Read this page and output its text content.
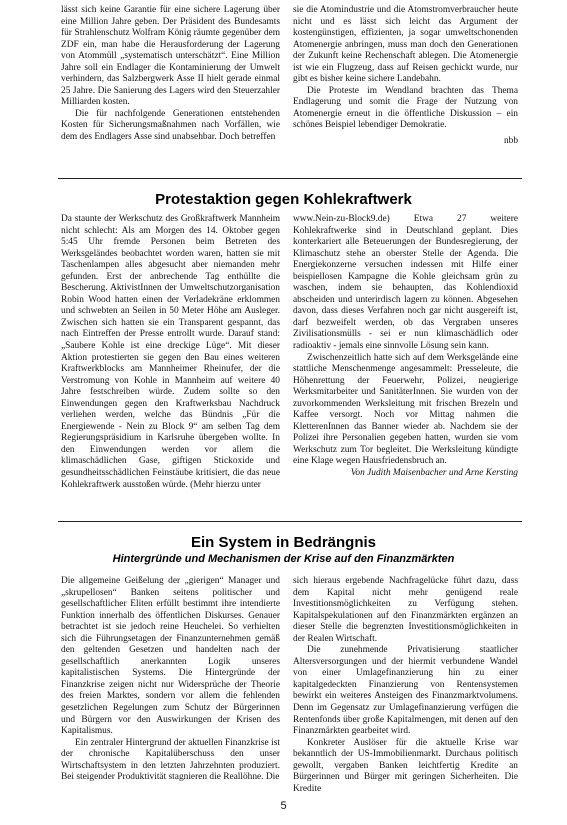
lässt sich keine Garantie für eine sichere Lagerung über eine Million Jahre geben. Der Präsident des Bundesamts für Strahlenschutz Wolfram König räumte gegenüber dem ZDF ein, man habe die Herausforderung der Lagerung von Atommüll „systematisch unterschätzt“. Eine Million Jahre soll ein Endlager die Kontaminierung der Umwelt verhindern, das Salzbergwerk Asse II hielt gerade einmal 25 Jahre. Die Sanierung des Lagers wird den Steuerzahler Milliarden kosten.

Die für nachfolgende Generationen entstehenden Kosten für Sicherungsmaßnahmen nach Vorfällen, wie dem des Endlagers Asse sind unabsehbar. Doch betreffen

sie die Atomindustrie und die Atomstromverbraucher heute nicht und es lässt sich leicht das Argument der kostengünstigen, effizienten, ja sogar umweltschonenden Atomenergie anbringen, muss man doch den Generationen der Zukunft keine Rechenschaft ablegen. Die Atomenergie ist wie ein Flugzeug, dass auf Reisen gechickt wurde, nur gibt es bisher keine sichere Landebahn.

Die Proteste im Wendland brachten das Thema Endlagerung und somit die Frage der Nutzung von Atomenergie erneut in die öffentliche Diskussion – ein schönes Beispiel lebendiger Demokratie.

nbb

Protestaktion gegen Kohlekraftwerk

Da staunte der Werkschutz des Großkraftwerk Mannheim nicht schlecht: Als am Morgen des 14. Oktober gegen 5:45 Uhr fremde Personen beim Betreten des Werksgeländes beobachtet worden waren, hatten sie mit Taschenlampen alles abgesucht aber niemanden mehr gefunden. Erst der anbrechende Tag enthüllte die Bescherung. AktivistInnen der Umweltschutzorganisation Robin Wood hatten einen der Verladekräne erklommen und schwebten an Seilen in 50 Meter Höhe am Ausleger. Zwischen sich hatten sie ein Transparent gespannt, das nach Eintreffen der Presse entrollt wurde. Darauf stand: „Saubere Kohle ist eine dreckige Lüge“. Mit dieser Aktion protestierten sie gegen den Bau eines weiteren Kraftwerkblocks am Mannheimer Rheinufer, der die Verstromung von Kohle in Mannheim auf weitere 40 Jahre festschreiben würde. Zudem sollte so den Einwendungen gegen den Kraftwerksbau Nachdruck verliehen werden, welche das Bündnis „Für die Energiewende - Nein zu Block 9“ am selben Tag dem Regierungspräsidium in Karlsruhe übergeben wollte. In den Einwendungen werden vor allem die klimaschädlichen Gase, giftigen Stickoxide und gesundheitsschädlichen Feinstäube kritisiert, die das neue Kohlekraftwerk ausstoßen würde. (Mehr hierzu unter

www.Nein-zu-Block9.de) Etwa 27 weitere Kohlekraftwerke sind in Deutschland geplant. Dies konterkariert alle Beteuerungen der Bundesregierung, der Klimaschutz stehe an oberster Stelle der Agenda. Die Energiekonzerne versuchen indessen mit Hilfe einer beispiellosen Kampagne die Kohle gleichsam grün zu waschen, indem sie behaupten, das Kohlendioxid abscheiden und unterirdisch lagern zu können. Abgesehen davon, dass dieses Verfahren noch gar nicht ausgereift ist, darf bezweifelt werden, ob das Vergraben unseres Zivilisationsmülls - sei er nun klimaschädlich oder radioaktiv - jemals eine sinnvolle Lösung sein kann.

Zwischenzeitlich hatte sich auf dem Werksgelände eine stattliche Menschenmenge angesammelt: Presseleute, die Höhenrettung der Feuerwehr, Polizei, neugierige Werksmitarbeiter und SanitäterInnen. Sie wurden von der zuvorkommenden Werksleitung mit frischen Brezeln und Kaffee versorgt. Noch vor Mittag nahmen die KletterenInnen das Banner wieder ab. Nachdem sie der Polizei ihre Personalien gegeben hatten, wurden sie vom Werkschutz zum Tor begleitet. Die Werksleitung kündigte eine Klage wegen Hausfriedensbruch an.

Von Judith Maisenbacher und Arne Kersting

Ein System in Bedrängnis
Hintergründe und Mechanismen der Krise auf den Finanzmärkten

Die allgemeine Geißelung der „gierigen“ Manager und „skrupellosen“ Banken seitens politischer und gesellschaftlicher Eliten erfüllt bestimmt ihre intendierte Funktion innerhalb des öffentlichen Diskurses. Genauer betrachtet ist sie jedoch reine Heuchelei. So verhielten sich die Führungsetagen der Finanzunternehmen gemäß den geltenden Gesetzen und handelten nach der gesellschaftlich anerkannten Logik unseres kapitalistischen Systems. Die Hintergründe der Finanzkrise zeigen nicht nur Widersprüche der Theorie des freien Marktes, sondern vor allem die fehlenden gesetzlichen Regelungen zum Schutz der Bürgerinnen und Bürgern vor den Auswirkungen der Krisen des Kapitalismus.

Ein zentraler Hintergrund der aktuellen Finanzkrise ist der chronische Kapitalüberschuss den unser Wirtschaftsystem in den letzten Jahrzehnten produziert. Bei steigender Produktivität stagnieren die Reallöhne. Die

sich hieraus ergebende Nachfragelücke führt dazu, dass dem Kapital nicht mehr genügend reale Investitionsmöglichkeiten zu Verfügung stehen. Kapitalspekulationen auf den Finanzmärkten ergänzen an dieser Stelle die begrenzten Investitionsmöglichkeiten in der Realen Wirtschaft.

Die zunehmende Privatisierung staatlicher Altersversorgungen und der hiermit verbundene Wandel von einer Umlagefinanzierung hin zu einer kapitalgedeckten Finanzierung von Rentensystemen bewirkt ein weiteres Ansteigen des Finanzmarktvolumens. Denn im Gegensatz zur Umlagefinanzierung verfügen die Rentenfonds über große Kapitalmengen, mit denen auf den Finanzmärkten gearbeitet wird.

Konkreter Auslöser für die aktuelle Krise war bekanntlich der US-Immobilienmarkt. Durchaus politisch gewollt, vergaben Banken leichtfertig Kredite an Bürgerinnen und Bürger mit geringen Sicherheiten. Die Kredite

5
